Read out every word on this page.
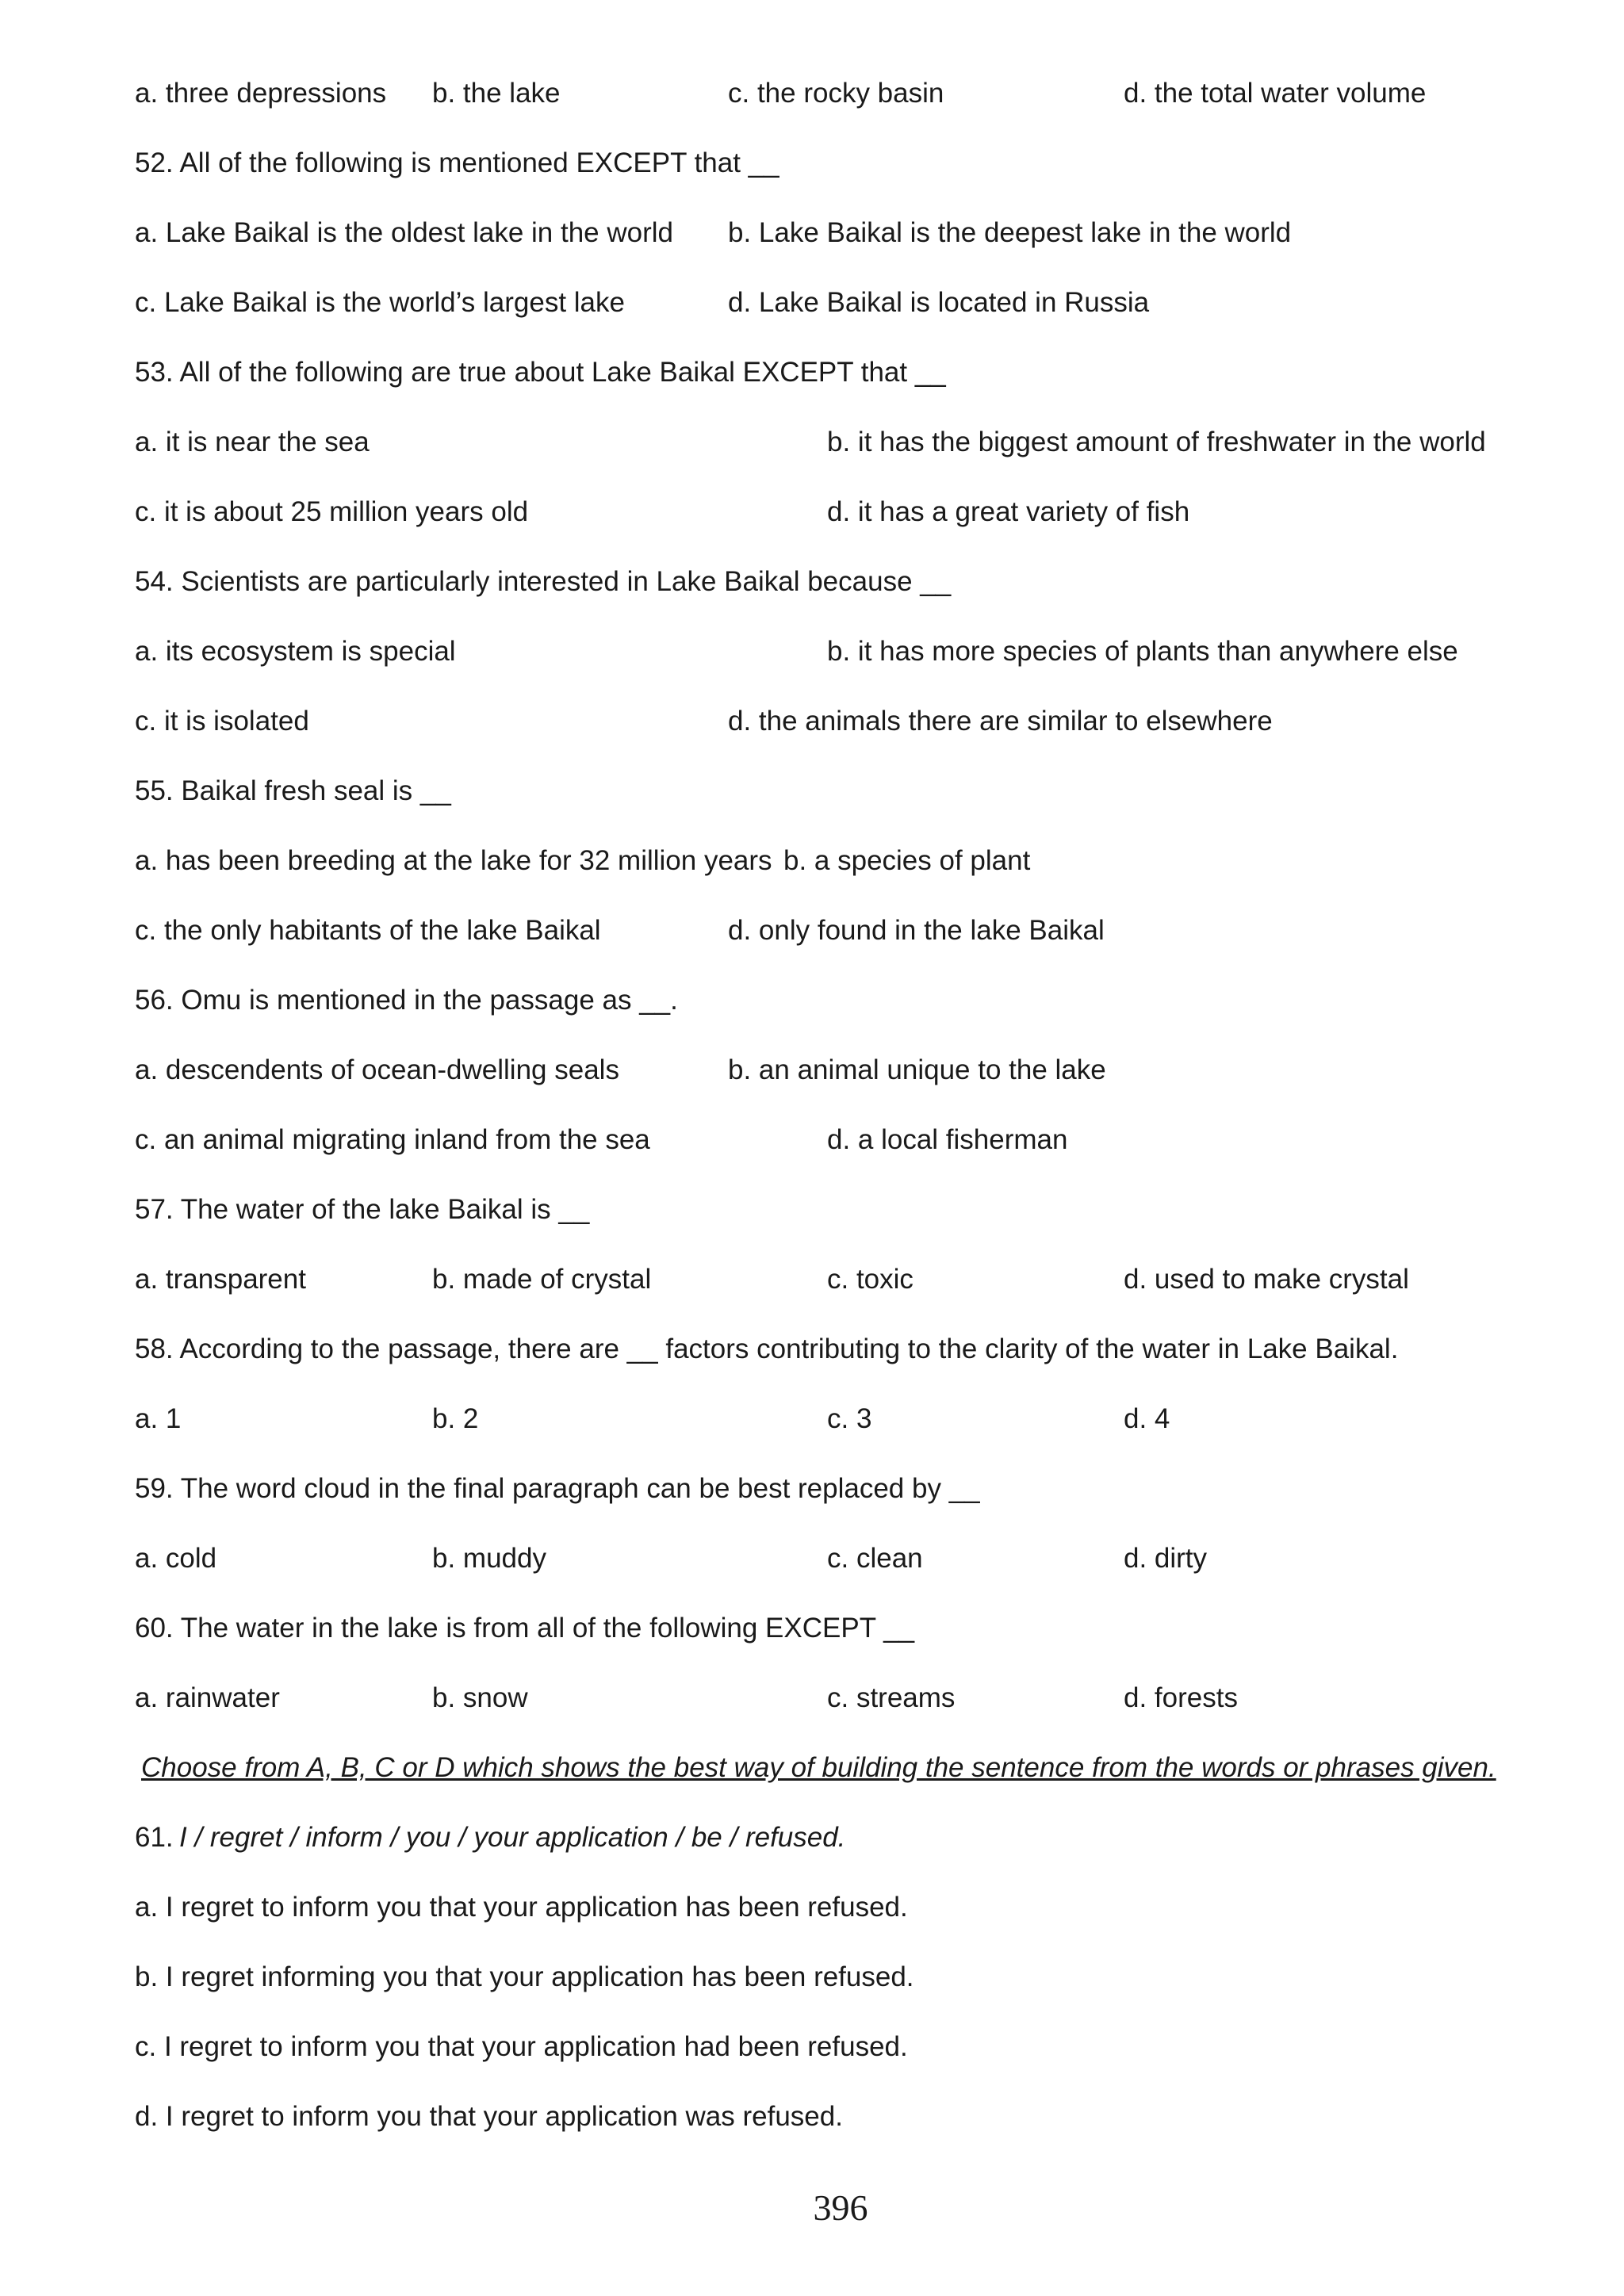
a. three depressions b. the lake	c. the rocky basin	d. the total water volume
52. All of the following is mentioned EXCEPT that __
a. Lake Baikal is the oldest lake in the world b. Lake Baikal is the deepest lake in the world
c. Lake Baikal is the world’s largest lake	d. Lake Baikal is located in Russia
53. All of the following are true about Lake Baikal EXCEPT that __
a. it is near the sea	b. it has the biggest amount of freshwater in the world
c. it is about 25 million years old	d. it has a great variety of fish
54. Scientists are particularly interested in Lake Baikal because __
a. its ecosystem is special	b. it has more species of plants than anywhere else
c. it is isolated	d. the animals there are similar to elsewhere
55. Baikal fresh seal is __
a. has been breeding at the lake for 32 million years b. a species of plant
c. the only habitants of the lake Baikal	d. only found in the lake Baikal
56. Omu is mentioned in the passage as __.
a. descendents of ocean-dwelling seals	b. an animal unique to the lake
c. an animal migrating inland from the sea	d. a local fisherman
57. The water of the lake Baikal is __
a. transparent	b. made of crystal	c. toxic	d. used to make crystal
58. According to the passage, there are __ factors contributing to the clarity of the water in Lake Baikal.
a. 1	b. 2	c. 3	d. 4
59. The word cloud in the final paragraph can be best replaced by __
a. cold	b. muddy	c. clean	d. dirty
60. The water in the lake is from all of the following EXCEPT __
a. rainwater	b. snow	c. streams	d. forests
Choose from A, B, C or D which shows the best way of building the sentence from the words or phrases given.
61. I / regret / inform / you / your application / be / refused.
a. I regret to inform you that your application has been refused.
b. I regret informing you that your application has been refused.
c. I regret to inform you that your application had been refused.
d. I regret to inform you that your application was refused.
396
